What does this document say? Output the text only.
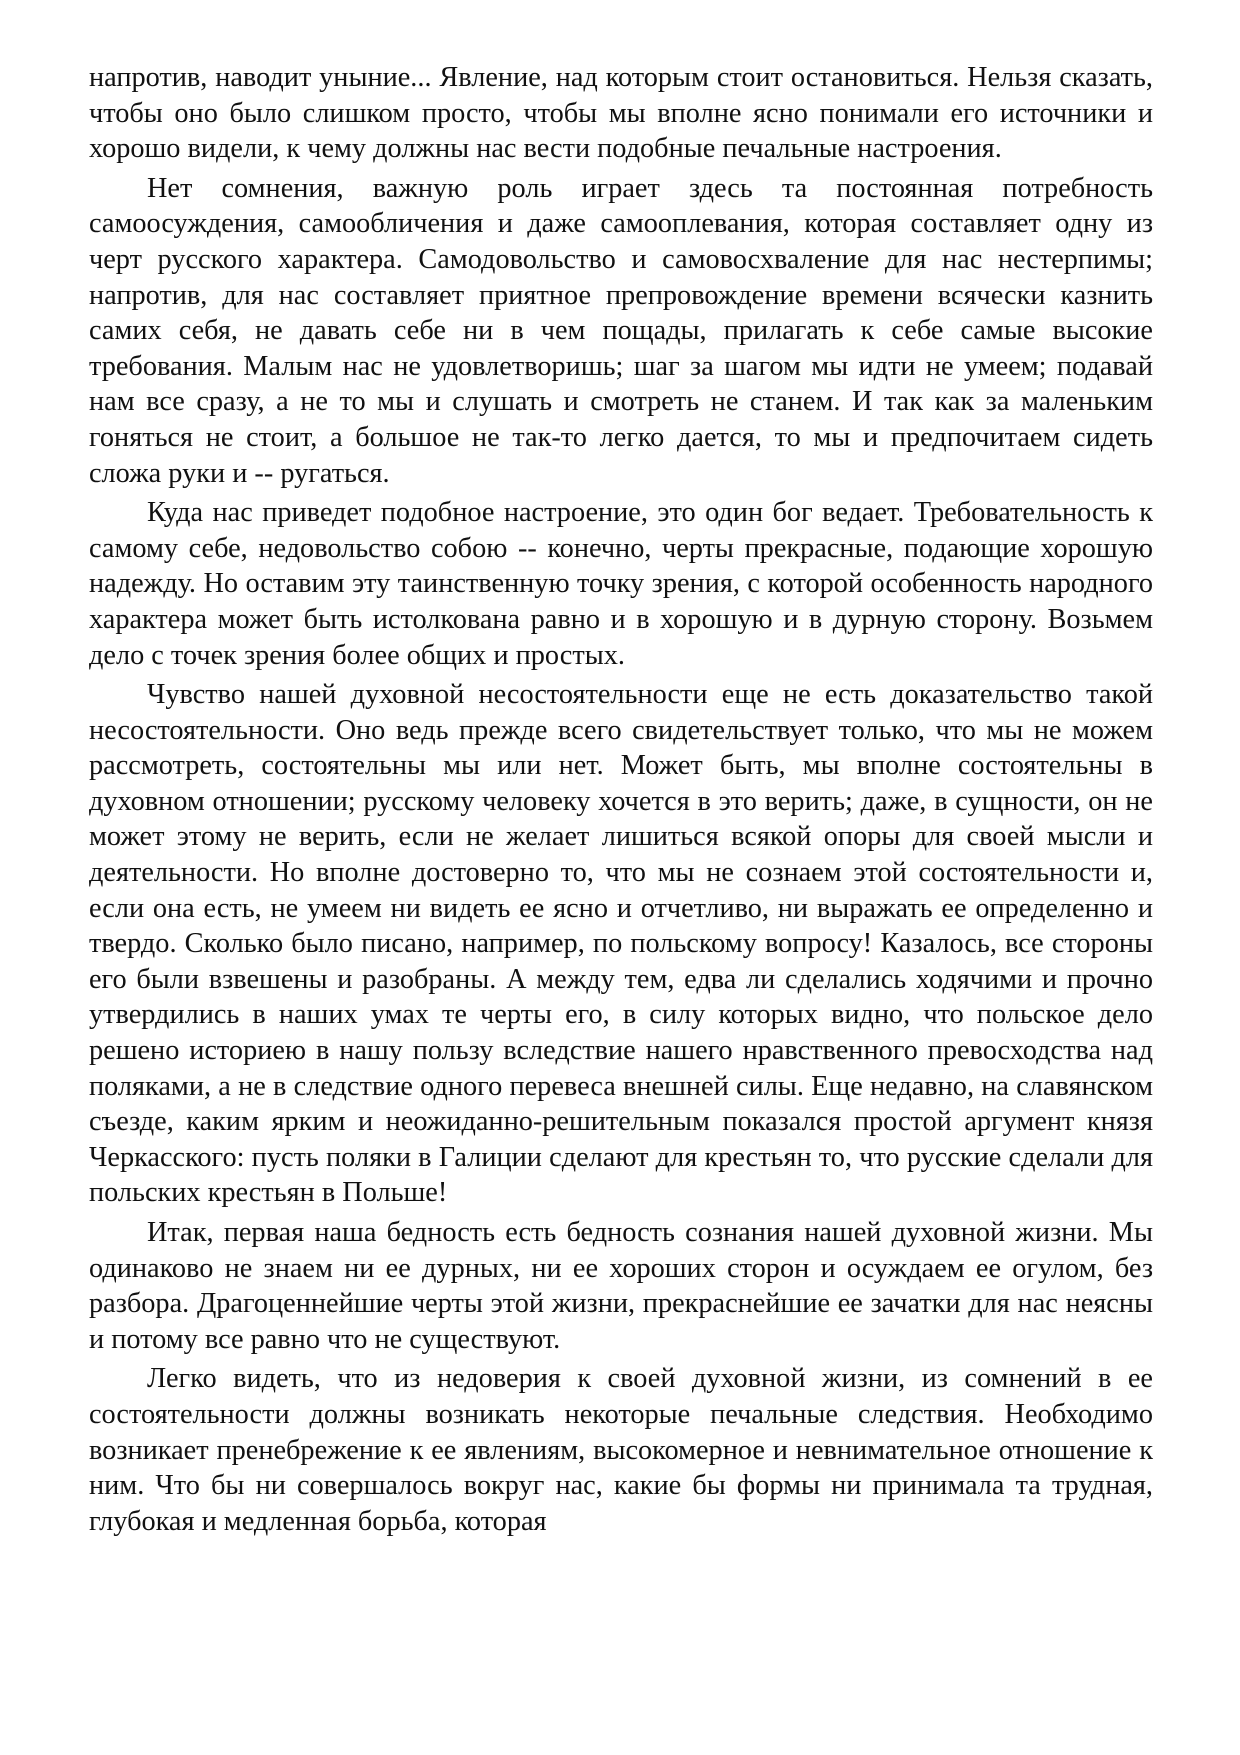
напротив, наводит уныние... Явление, над которым стоит остановиться. Нельзя сказать, чтобы оно было слишком просто, чтобы мы вполне ясно понимали его источники и хорошо видели, к чему должны нас вести подобные печальные настроения.

Нет сомнения, важную роль играет здесь та постоянная потребность самоосуждения, самообличения и даже самооплевания, которая составляет одну из черт русского характера. Самодовольство и самовосхваление для нас нестерпимы; напротив, для нас составляет приятное препровождение времени всячески казнить самих себя, не давать себе ни в чем пощады, прилагать к себе самые высокие требования. Малым нас не удовлетворишь; шаг за шагом мы идти не умеем; подавай нам все сразу, а не то мы и слушать и смотреть не станем. И так как за маленьким гоняться не стоит, а большое не так-то легко дается, то мы и предпочитаем сидеть сложа руки и -- ругаться.

Куда нас приведет подобное настроение, это один бог ведает. Требовательность к самому себе, недовольство собою -- конечно, черты прекрасные, подающие хорошую надежду. Но оставим эту таинственную точку зрения, с которой особенность народного характера может быть истолкована равно и в хорошую и в дурную сторону. Возьмем дело с точек зрения более общих и простых.

Чувство нашей духовной несостоятельности еще не есть доказательство такой несостоятельности. Оно ведь прежде всего свидетельствует только, что мы не можем рассмотреть, состоятельны мы или нет. Может быть, мы вполне состоятельны в духовном отношении; русскому человеку хочется в это верить; даже, в сущности, он не может этому не верить, если не желает лишиться всякой опоры для своей мысли и деятельности. Но вполне достоверно то, что мы не сознаем этой состоятельности и, если она есть, не умеем ни видеть ее ясно и отчетливо, ни выражать ее определенно и твердо. Сколько было писано, например, по польскому вопросу! Казалось, все стороны его были взвешены и разобраны. А между тем, едва ли сделались ходячими и прочно утвердились в наших умах те черты его, в силу которых видно, что польское дело решено историею в нашу пользу вследствие нашего нравственного превосходства над поляками, а не в следствие одного перевеса внешней силы. Еще недавно, на славянском съезде, каким ярким и неожиданно-решительным показался простой аргумент князя Черкасского: пусть поляки в Галиции сделают для крестьян то, что русские сделали для польских крестьян в Польше!

Итак, первая наша бедность есть бедность сознания нашей духовной жизни. Мы одинаково не знаем ни ее дурных, ни ее хороших сторон и осуждаем ее огулом, без разбора. Драгоценнейшие черты этой жизни, прекраснейшие ее зачатки для нас неясны и потому все равно что не существуют.

Легко видеть, что из недоверия к своей духовной жизни, из сомнений в ее состоятельности должны возникать некоторые печальные следствия. Необходимо возникает пренебрежение к ее явлениям, высокомерное и невнимательное отношение к ним. Что бы ни совершалось вокруг нас, какие бы формы ни принимала та трудная, глубокая и медленная борьба, которая
